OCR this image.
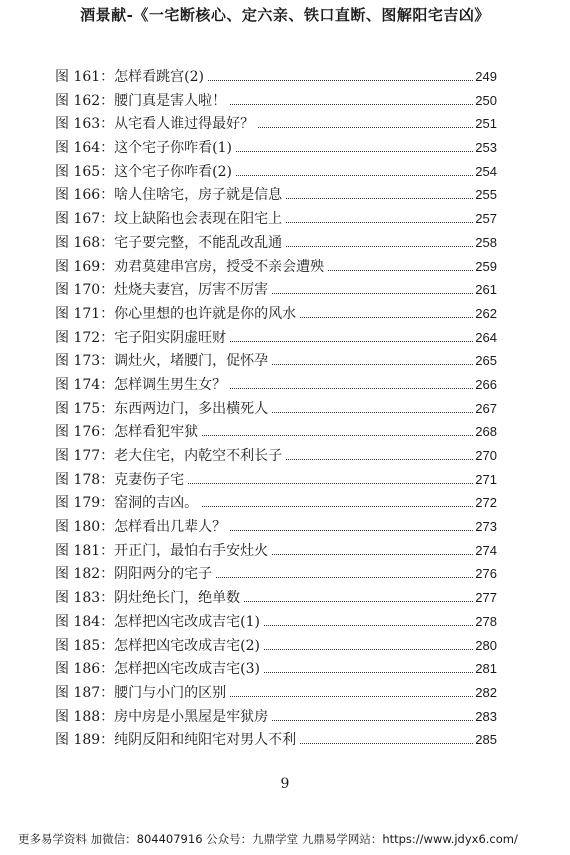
酒景献-《一宅断核心、定六亲、铁口直断、图解阳宅吉凶》
图 161： 怎样看跳宫(2)	249
图 162： 腰门真是害人啦！	250
图 163： 从宅看人谁过得最好？	251
图 164： 这个宅子你咋看(1)	253
图 165： 这个宅子你咋看(2)	254
图 166： 啥人住啥宅，房子就是信息	255
图 167： 坟上缺陷也会表现在阳宅上	257
图 168： 宅子要完整，不能乱改乱通	258
图 169： 劝君莫建串宫房，授受不亲会遭殃	259
图 170： 灶烧夫妻宫，厉害不厉害	261
图 171： 你心里想的也许就是你的风水	262
图 172： 宅子阳实阴虚旺财	264
图 173： 调灶火，堵腰门，促怀孕	265
图 174： 怎样调生男生女？	266
图 175： 东西两边门，多出横死人	267
图 176： 怎样看犯牢狱	268
图 177： 老大住宅，内乾空不利长子	270
图 178： 克妻伤子宅	271
图 179： 窑洞的吉凶。	272
图 180： 怎样看出几辈人？	273
图 181： 开正门，最怕右手安灶火	274
图 182： 阴阳两分的宅子	276
图 183： 阴灶绝长门，绝单数	277
图 184： 怎样把凶宅改成吉宅(1)	278
图 185： 怎样把凶宅改成吉宅(2)	280
图 186： 怎样把凶宅改成吉宅(3)	281
图 187： 腰门与小门的区别	282
图 188： 房中房是小黑屋是牢狱房	283
图 189： 纯阴反阳和纯阳宅对男人不利	285
9
更多易学资料 加微信：804407916 公众号：九鼎学堂 九鼎易学网站：https://www.jdyx6.com/
